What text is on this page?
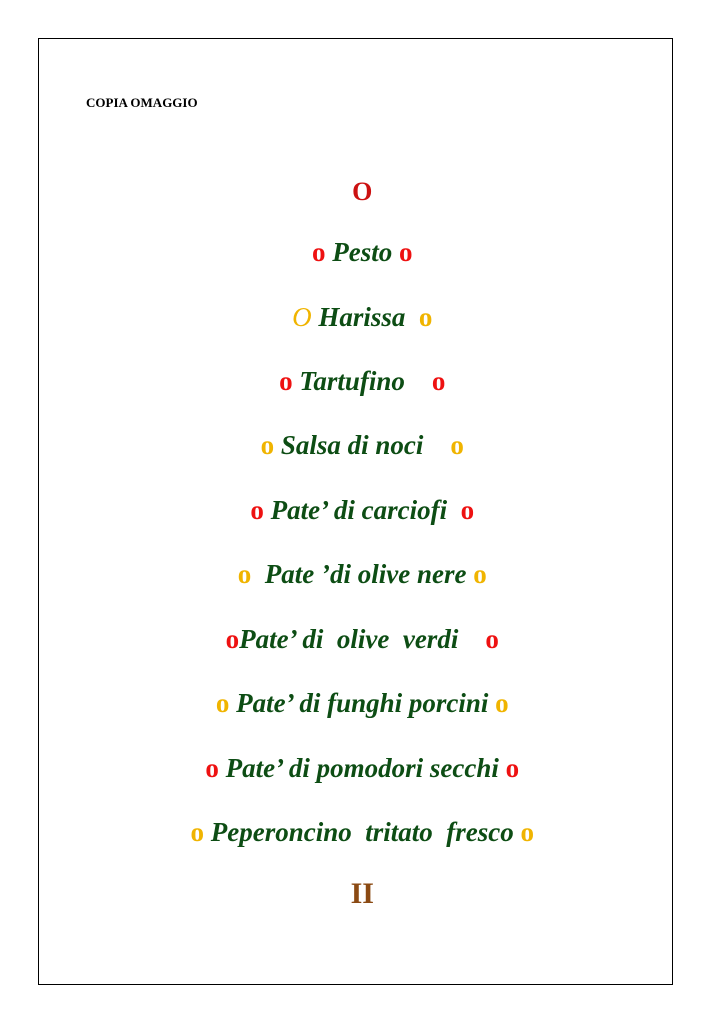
COPIA OMAGGIO

O

o Pesto o

O Harissa o

o Tartufino o

o Salsa di noci o

o Pate’ di carciofi o

o Pate ’di olive nere o

oPate’ di  olive  verdi o

o Pate’ di funghi porcini o

o Pate’ di pomodori secchi o

o Peperoncino  tritato  fresco o

II
